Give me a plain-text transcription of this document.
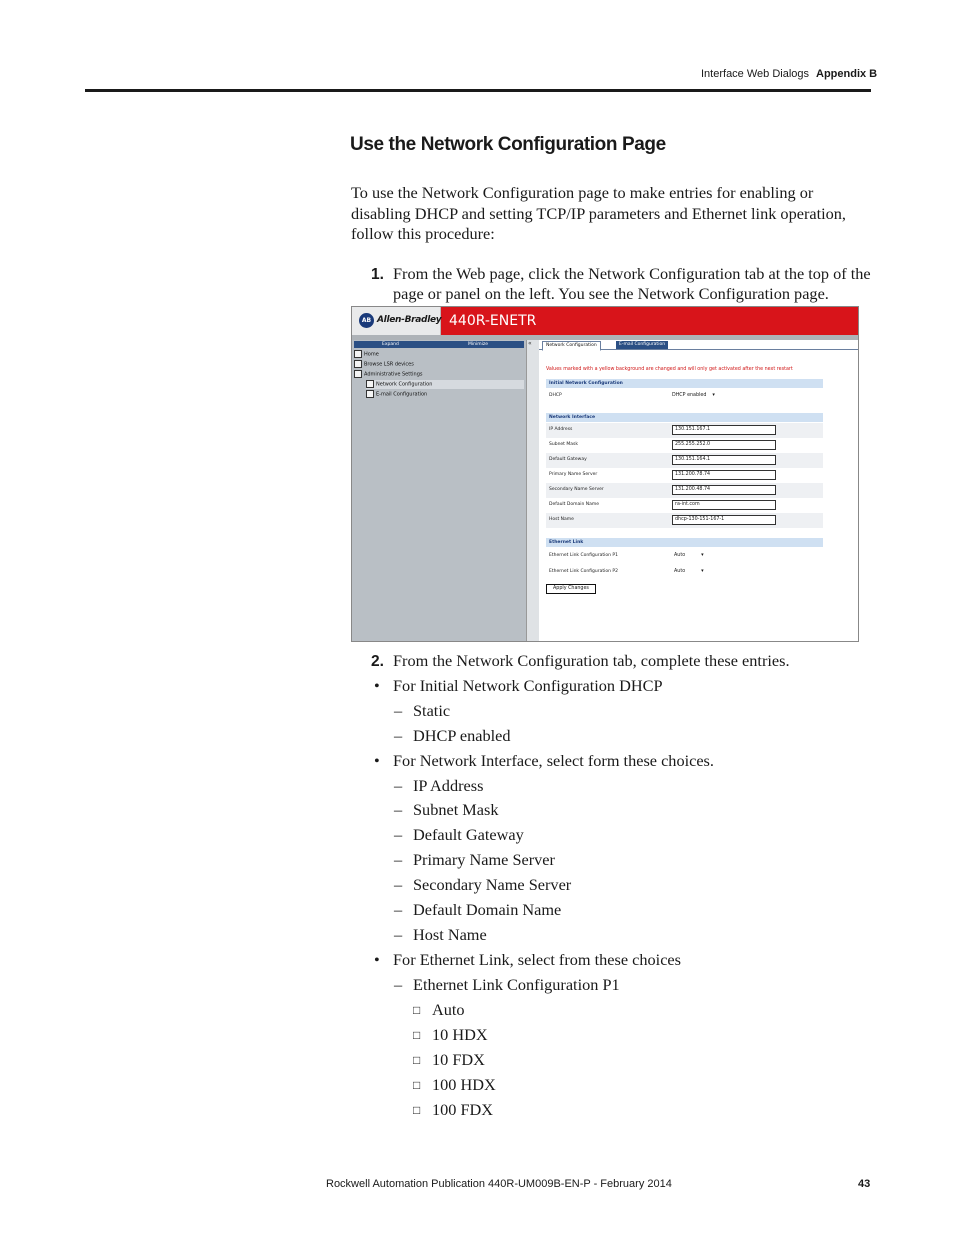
Interface Web Dialogs Appendix B
Use the Network Configuration Page
To use the Network Configuration page to make entries for enabling or disabling DHCP and setting TCP/IP parameters and Ethernet link operation, follow this procedure:
1. From the Web page, click the Network Configuration tab at the top of the
page or panel on the left. You see the Network Configuration page.
AB Allen-Bradley 440R-ENETR
Expand	Minimize
Home
Browse LSR devices
Administrative Settings
Network Configuration
E-mail Configuration
«	Network Configuration	E-mail Configuration
Values marked with a yellow background are changed and will only get activated after the next restart
Initial Network Configuration
DHCP	DHCP enabled ▾
Network Interface
IP Address	130.151.167.1
Subnet Mask	255.255.252.0
Default Gateway	130.151.164.1
Primary Name Server	131.200.78.74
Secondary Name Server	131.200.48.74
Default Domain Name	ra-int.com
Host Name	dhcp-130-151-167-1
Ethernet Link
Ethernet Link Configuration P1	Auto	▾
Ethernet Link Configuration P2	Auto	▾
Apply Changes
2. From the Network Configuration tab, complete these entries.
• For Initial Network Configuration DHCP
– Static
– DHCP enabled
• For Network Interface, select form these choices.
– IP Address
– Subnet Mask
– Default Gateway
– Primary Name Server
– Secondary Name Server
– Default Domain Name
– Host Name
• For Ethernet Link, select from these choices
– Ethernet Link Configuration P1
□ Auto
□ 10 HDX
□ 10 FDX
□ 100 HDX
□ 100 FDX
Rockwell Automation Publication 440R-UM009B-EN-P - February 2014	43
